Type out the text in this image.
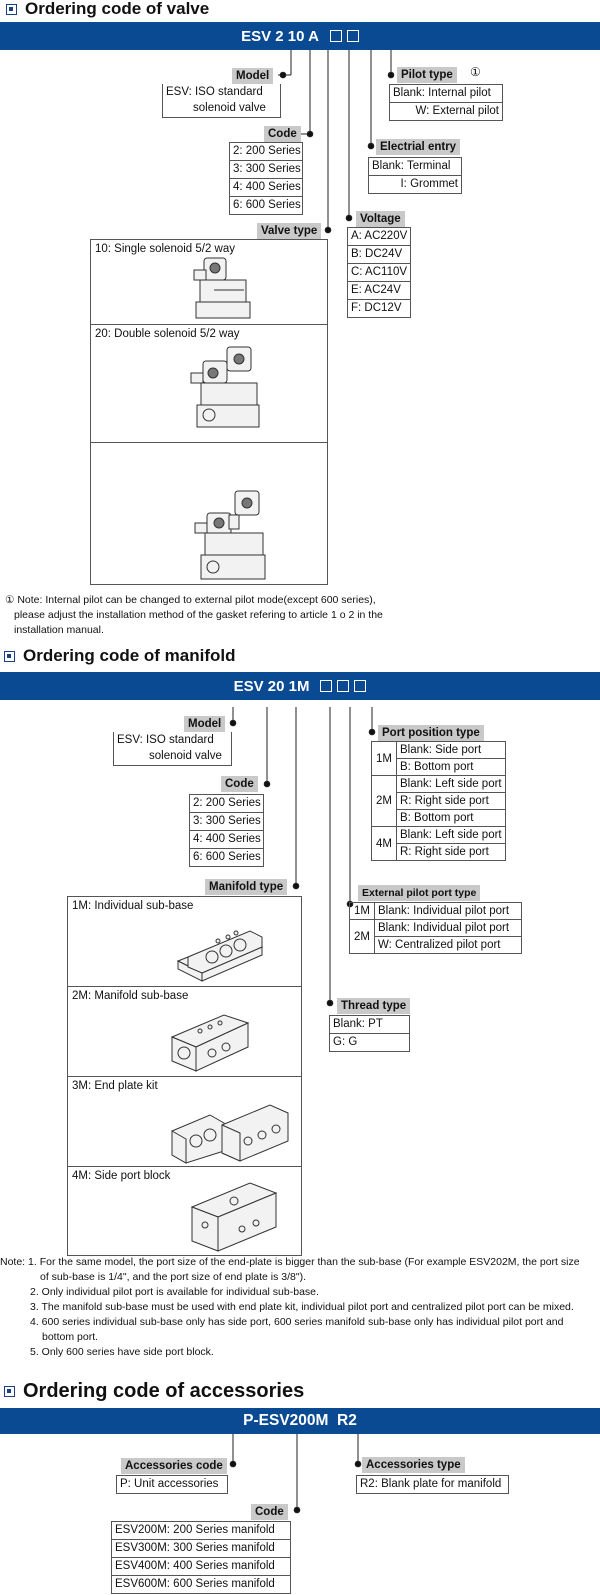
Ordering code of valve
ESV 2 10 A
Model
ESV: ISO standard
solenoid valve
Pilot type	①
Blank: Internal pilot
W: External pilot
Code
2: 200 Series
3: 300 Series
4: 400 Series
6: 600 Series
Electrial entry
Blank: Terminal
I: Grommet
Voltage
A: AC220V
B: DC24V
C: AC110V
E: AC24V
F: DC12V
Valve type
10: Single solenoid 5/2 way
20: Double solenoid 5/2 way
① Note: Internal pilot can be changed to external pilot mode(except 600 series),
please adjust the installation method of the gasket refering to article 1 o 2 in the
installation manual.
Ordering code of manifold
ESV 20 1M
Model
ESV: ISO standard
solenoid valve
Port position type
1M	Blank: Side port
	B: Bottom port
2M	Blank: Left side port
	R: Right side port
	B: Bottom port
4M	Blank: Left side port
	R: Right side port
Code
2: 200 Series
3: 300 Series
4: 400 Series
6: 600 Series
Manifold type
1M: Individual sub-base
2M: Manifold sub-base
3M: End plate kit
4M: Side port block
External pilot port type
1M	Blank: Individual pilot port
2M	Blank: Individual pilot port
	W: Centralized pilot port
Thread type
Blank: PT
G: G
Note: 1. For the same model, the port size of the end-plate is bigger than the sub-base (For example ESV202M, the port size
of sub-base is 1/4", and the port size of end plate is 3/8").
2. Only individual pilot port is available for individual sub-base.
3. The manifold sub-base must be used with end plate kit, individual pilot port and centralized pilot port can be mixed.
4. 600 series individual sub-base only has side port, 600 series manifold sub-base only has individual pilot port and
bottom port.
5. Only 600 series have side port block.
Ordering code of accessories
P-ESV200M  R2
Accessories code
P: Unit accessories
Accessories type
R2: Blank plate for manifold
Code
ESV200M: 200 Series manifold
ESV300M: 300 Series manifold
ESV400M: 400 Series manifold
ESV600M: 600 Series manifold
